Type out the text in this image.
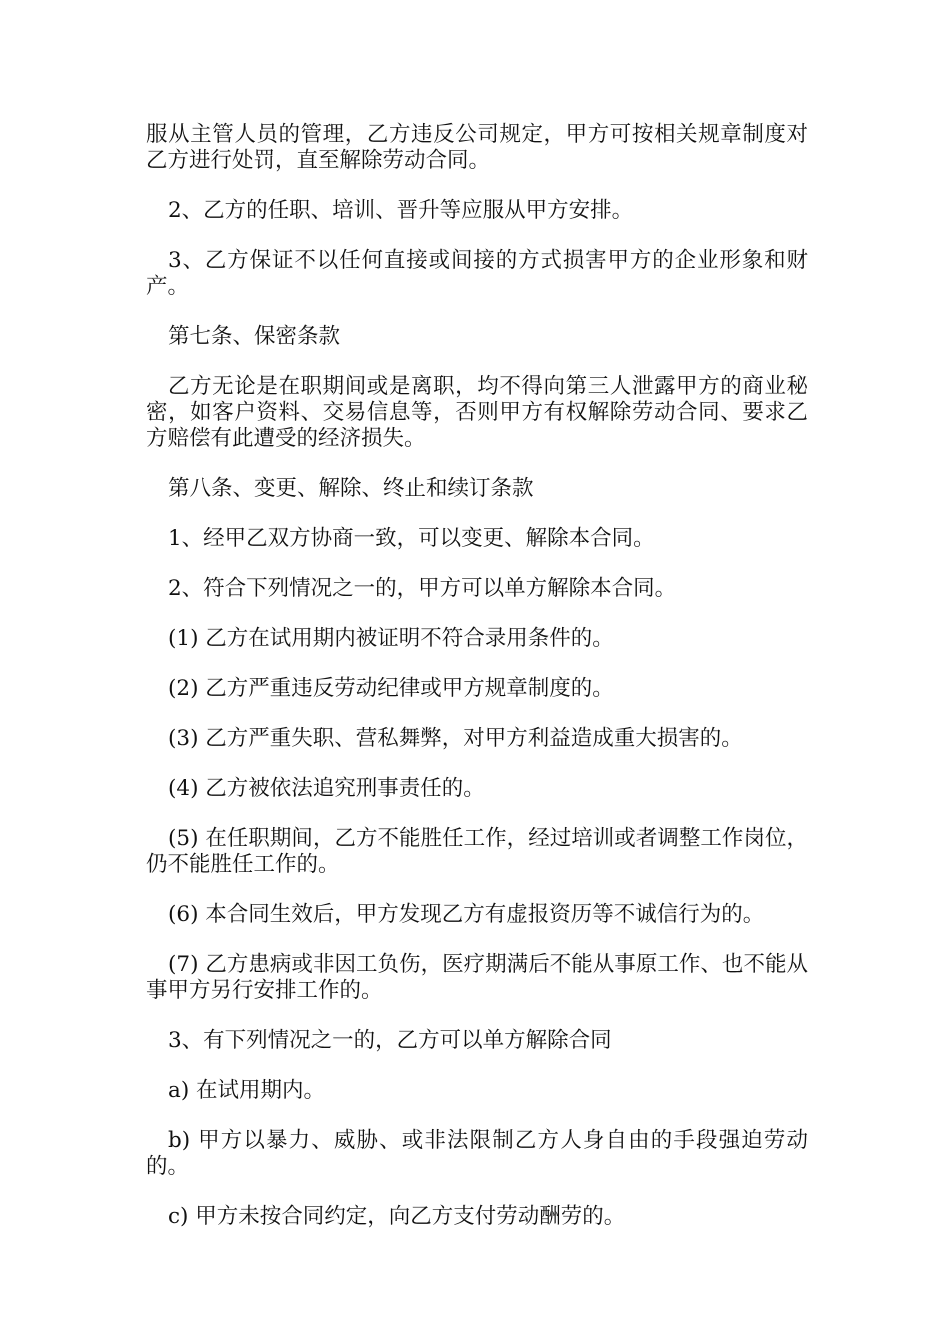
服从主管人员的管理，乙方违反公司规定，甲方可按相关规章制度对乙方进行处罚，直至解除劳动合同。

2、乙方的任职、培训、晋升等应服从甲方安排。

3、乙方保证不以任何直接或间接的方式损害甲方的企业形象和财产。

第七条、保密条款

乙方无论是在职期间或是离职，均不得向第三人泄露甲方的商业秘密，如客户资料、交易信息等，否则甲方有权解除劳动合同、要求乙方赔偿有此遭受的经济损失。

第八条、变更、解除、终止和续订条款

1、经甲乙双方协商一致，可以变更、解除本合同。

2、符合下列情况之一的，甲方可以单方解除本合同。

(1) 乙方在试用期内被证明不符合录用条件的。

(2) 乙方严重违反劳动纪律或甲方规章制度的。

(3) 乙方严重失职、营私舞弊，对甲方利益造成重大损害的。

(4) 乙方被依法追究刑事责任的。

(5) 在任职期间，乙方不能胜任工作，经过培训或者调整工作岗位，仍不能胜任工作的。

(6) 本合同生效后，甲方发现乙方有虚报资历等不诚信行为的。

(7) 乙方患病或非因工负伤，医疗期满后不能从事原工作、也不能从事甲方另行安排工作的。

3、有下列情况之一的，乙方可以单方解除合同

a) 在试用期内。

b) 甲方以暴力、威胁、或非法限制乙方人身自由的手段强迫劳动的。

c) 甲方未按合同约定，向乙方支付劳动酬劳的。
